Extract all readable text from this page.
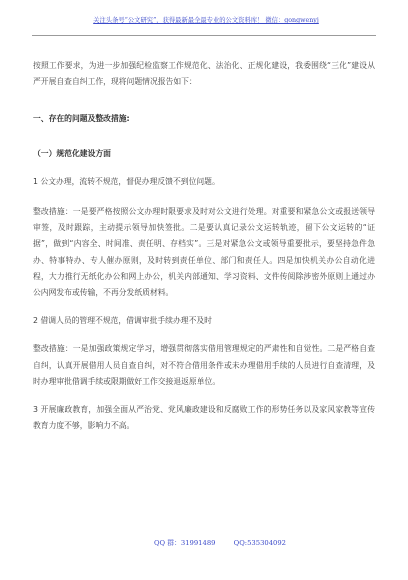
关注头条号“公文研究”，获得最新最全最专业的公文资料库！ 微信：gongwenyj

按照工作要求，为进一步加强纪检监察工作规范化、法治化、正规化建设，我委围绕“三化”建设从严开展自查自纠工作，现将问题情况报告如下：

一、存在的问题及整改措施:

（一）规范化建设方面

1 公文办理，流转不规范，督促办理反馈不到位问题。

整改措施：一是要严格按照公文办理时限要求及时对公文进行处理。对重要和紧急公文或报送领导审签，及时跟踪，主动提示领导加快签批。二是要认真记录公文运转轨迹，留下公文运转的“证据”，做到“内容全、时间准、责任明、存档实”。三是对紧急公文或领导重要批示，要坚持急件急办、特事特办、专人催办原则，及时转到责任单位、部门和责任人。四是加快机关办公自动化进程，大力推行无纸化办公和网上办公，机关内部通知、学习资料、文件传阅除涉密外原则上通过办公内网发布或传输，不再分发纸质材料。

2 借调人员的管理不规范，借调审批手续办理不及时

整改措施：一是加强政策规定学习，增强贯彻落实借用管理规定的严肃性和自觉性。二是严格自查自纠，认真开展借用人员自查自纠，对不符合借用条件或未办理借用手续的人员进行自查清理，及时办理审批借调手续或限期做好工作交接退返原单位。

3 开展廉政教育，加强全面从严治党、党风廉政建设和反腐败工作的形势任务以及家风家教等宣传教育力度不够，影响力不高。

QQ 群：31991489	QQ:535304092
